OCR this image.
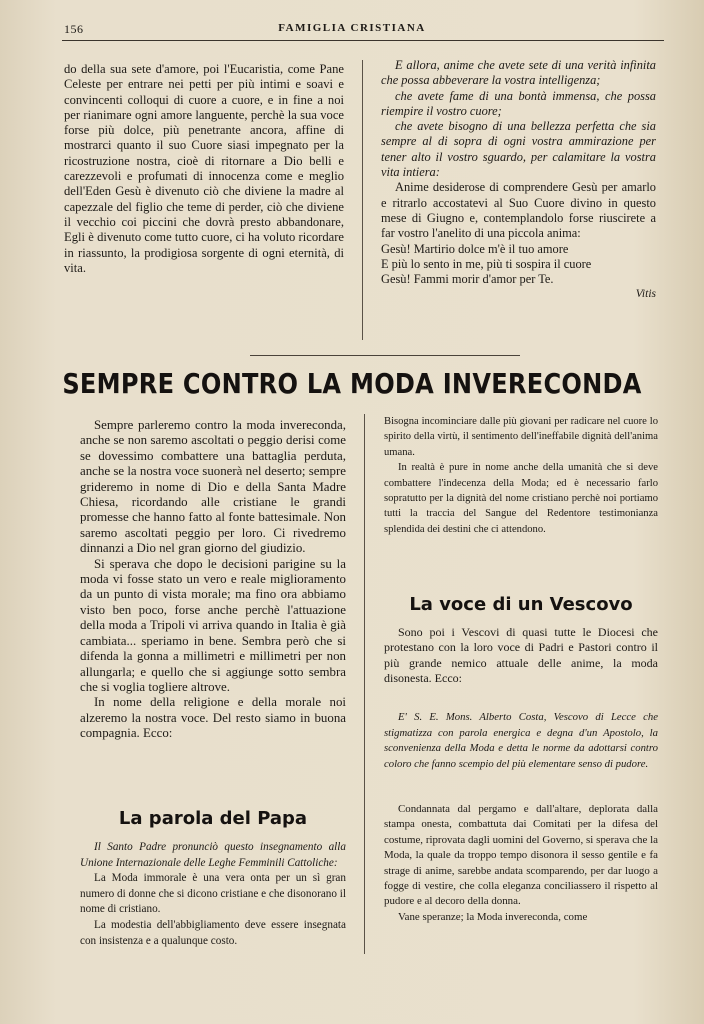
156	FAMIGLIA CRISTIANA

do della sua sete d'amore, poi l'Eucaristia, come Pane Celeste per entrare nei petti per più intimi e soavi e convincenti colloqui di cuore a cuore, e in fine a noi per rianimare ogni amore languente, perchè la sua voce forse più dolce, più penetrante ancora, affine di mostrarci quanto il suo Cuore siasi impegnato per la ricostruzione nostra, cioè di ritornare a Dio belli e carezzevoli e profumati di innocenza come e meglio dell'Eden Gesù è divenuto ciò che diviene la madre al capezzale del figlio che teme di perder, ciò che diviene il vecchio coi piccini che dovrà presto abbandonare, Egli è divenuto come tutto cuore, ci ha voluto ricordare in riassunto, la prodigiosa sorgente di ogni eternità, di vita.

E allora, anime che avete sete di una verità infinita che possa abbeverare la vostra intelligenza;

che avete fame di una bontà immensa, che possa riempire il vostro cuore;

che avete bisogno di una bellezza perfetta che sia sempre al di sopra di ogni vostra ammirazione per tener alto il vostro sguardo, per calamitare la vostra vita intiera:

Anime desiderose di comprendere Gesù per amarlo e ritrarlo accostatevi al Suo Cuore divino in questo mese di Giugno e, contemplandolo forse riuscirete a far vostro l'anelito di una piccola anima:

Gesù! Martirio dolce m'è il tuo amore

E più lo sento in me, più ti sospira il cuore

Gesù! Fammi morir d'amor per Te.

Vitis

SEMPRE CONTRO LA MODA INVERECONDA

Sempre parleremo contro la moda invereconda, anche se non saremo ascoltati o peggio derisi come se dovessimo combattere una battaglia perduta, anche se la nostra voce suonerà nel deserto; sempre grideremo in nome di Dio e della Santa Madre Chiesa, ricordando alle cristiane le grandi promesse che hanno fatto al fonte battesimale. Non saremo ascoltati peggio per loro. Ci rivedremo dinnanzi a Dio nel gran giorno del giudizio.

Si sperava che dopo le decisioni parigine su la moda vi fosse stato un vero e reale miglioramento da un punto di vista morale; ma fino ora abbiamo visto ben poco, forse anche perchè l'attuazione della moda a Tripoli vi arriva quando in Italia è già cambiata... speriamo in bene. Sembra però che si difenda la gonna a millimetri e millimetri per non allungarla; e quello che si aggiunge sotto sembra che si voglia togliere altrove.

In nome della religione e della morale noi alzeremo la nostra voce. Del resto siamo in buona compagnia. Ecco:

La parola del Papa

Il Santo Padre pronunciò questo insegnamento alla Unione Internazionale delle Leghe Femminili Cattoliche:

La Moda immorale è una vera onta per un sì gran numero di donne che si dicono cristiane e che disonorano il nome di cristiano.

La modestia dell'abbigliamento deve essere insegnata con insistenza e a qualunque costo.

Bisogna incominciare dalle più giovani per radicare nel cuore lo spirito della virtù, il sentimento dell'ineffabile dignità dell'anima umana.

In realtà è pure in nome anche della umanità che si deve combattere l'indecenza della Moda; ed è necessario farlo sopratutto per la dignità del nome cristiano perchè noi portiamo tutti la traccia del Sangue del Redentore testimonianza splendida dei destini che ci attendono.

La voce di un Vescovo

Sono poi i Vescovi di quasi tutte le Diocesi che protestano con la loro voce di Padri e Pastori contro il più grande nemico attuale delle anime, la moda disonesta. Ecco:

E' S. E. Mons. Alberto Costa, Vescovo di Lecce che stigmatizza con parola energica e degna d'un Apostolo, la sconvenienza della Moda e detta le norme da adottarsi contro coloro che fanno scempio del più elementare senso di pudore.

Condannata dal pergamo e dall'altare, deplorata dalla stampa onesta, combattuta dai Comitati per la difesa del costume, riprovata dagli uomini del Governo, si sperava che la Moda, la quale da troppo tempo disonora il sesso gentile e fa strage di anime, sarebbe andata scomparendo, per dar luogo a fogge di vestire, che colla eleganza conciliassero il rispetto al pudore e al decoro della donna.

Vane speranze; la Moda invereconda, come
